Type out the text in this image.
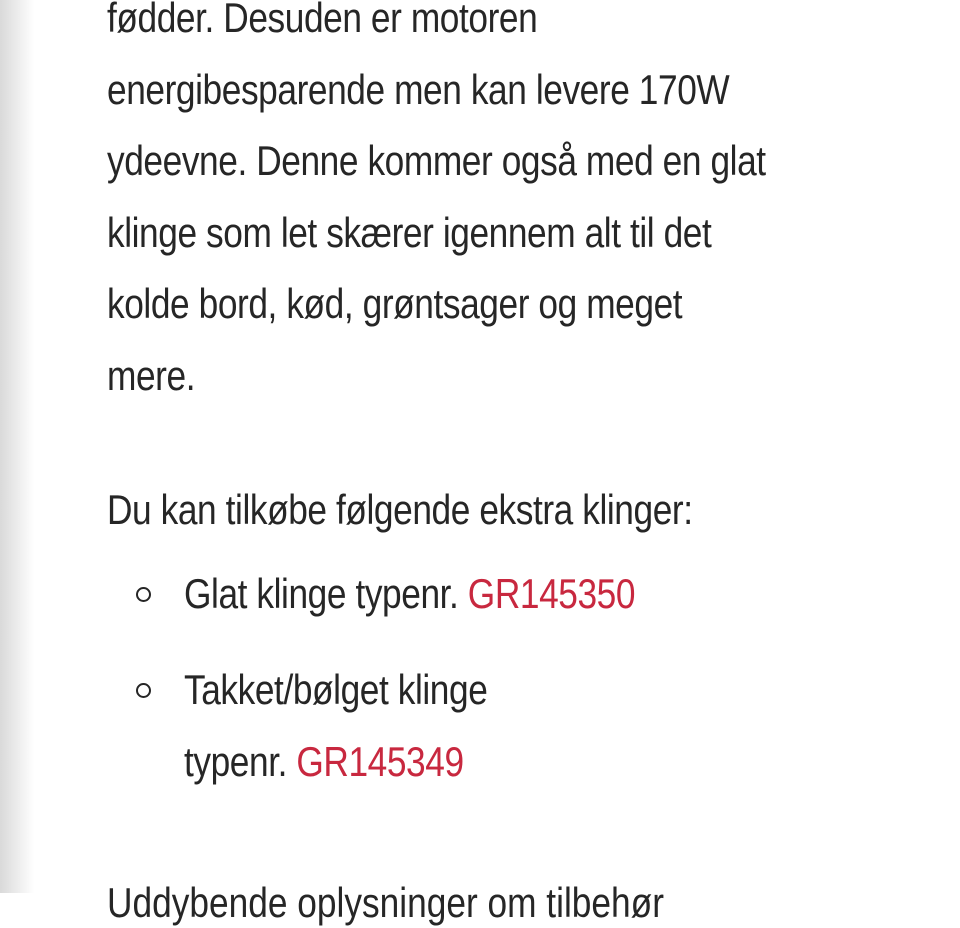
fødder. Desuden er motoren
energibesparende men kan levere 170W
ydeevne. Denne kommer også med en glat
klinge som let skærer igennem alt til det
kolde bord, kød, grøntsager og meget
mere.

Du kan tilkøbe følgende ekstra klinger:

Glat klinge typenr. GR145350
Takket/bølget klinge
typenr. GR145349
Uddybende oplysninger om tilbehør
